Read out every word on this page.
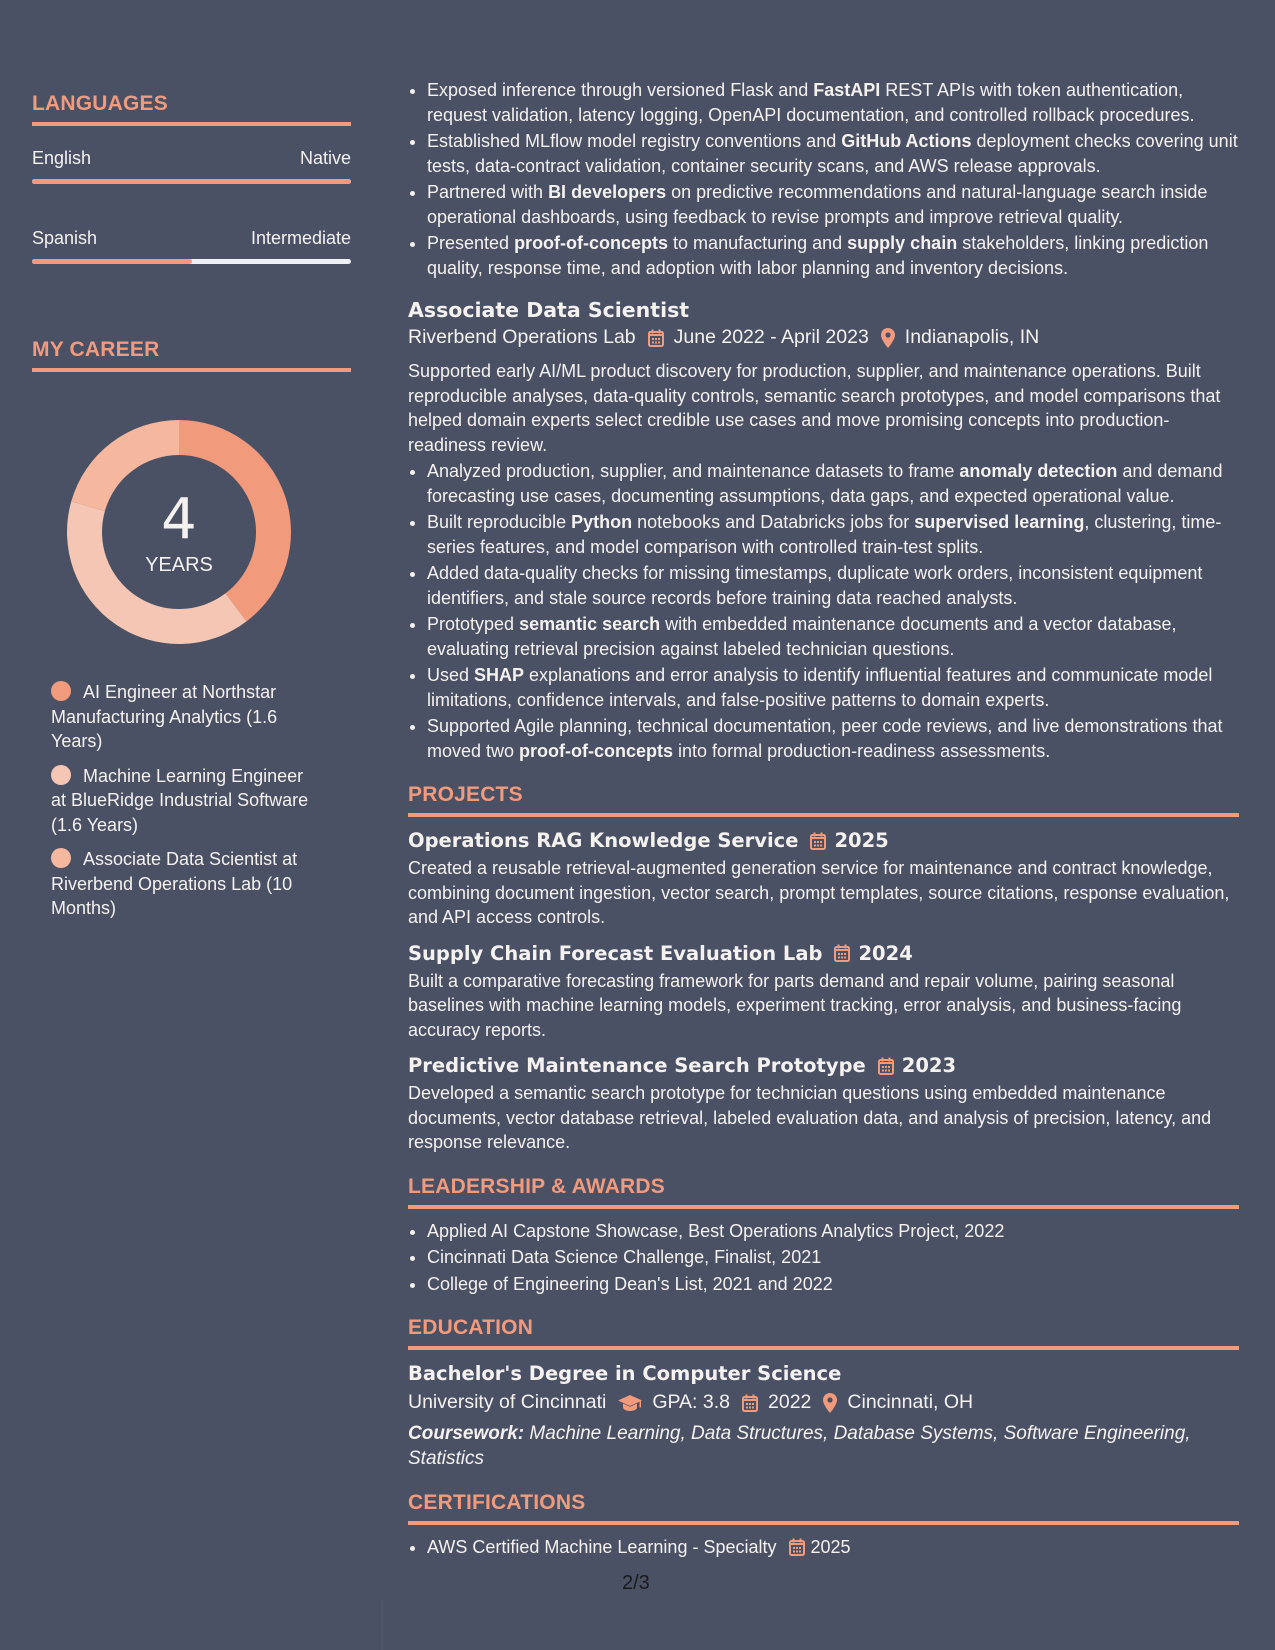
LANGUAGES
English	Native
Spanish	Intermediate
MY CAREER
4
YEARS
AI Engineer at Northstar Manufacturing Analytics (1.6 Years)
Machine Learning Engineer at BlueRidge Industrial Software (1.6 Years)
Associate Data Scientist at Riverbend Operations Lab (10 Months)
• Exposed inference through versioned Flask and FastAPI REST APIs with token authentication, request validation, latency logging, OpenAPI documentation, and controlled rollback procedures.
• Established MLflow model registry conventions and GitHub Actions deployment checks covering unit tests, data-contract validation, container security scans, and AWS release approvals.
• Partnered with BI developers on predictive recommendations and natural-language search inside operational dashboards, using feedback to revise prompts and improve retrieval quality.
• Presented proof-of-concepts to manufacturing and supply chain stakeholders, linking prediction quality, response time, and adoption with labor planning and inventory decisions.
Associate Data Scientist
Riverbend Operations Lab June 2022 - April 2023 Indianapolis, IN
Supported early AI/ML product discovery for production, supplier, and maintenance operations. Built reproducible analyses, data-quality controls, semantic search prototypes, and model comparisons that helped domain experts select credible use cases and move promising concepts into production-readiness review.
• Analyzed production, supplier, and maintenance datasets to frame anomaly detection and demand forecasting use cases, documenting assumptions, data gaps, and expected operational value.
• Built reproducible Python notebooks and Databricks jobs for supervised learning, clustering, time-series features, and model comparison with controlled train-test splits.
• Added data-quality checks for missing timestamps, duplicate work orders, inconsistent equipment identifiers, and stale source records before training data reached analysts.
• Prototyped semantic search with embedded maintenance documents and a vector database, evaluating retrieval precision against labeled technician questions.
• Used SHAP explanations and error analysis to identify influential features and communicate model limitations, confidence intervals, and false-positive patterns to domain experts.
• Supported Agile planning, technical documentation, peer code reviews, and live demonstrations that moved two proof-of-concepts into formal production-readiness assessments.
PROJECTS
Operations RAG Knowledge Service 2025
Created a reusable retrieval-augmented generation service for maintenance and contract knowledge, combining document ingestion, vector search, prompt templates, source citations, response evaluation, and API access controls.
Supply Chain Forecast Evaluation Lab 2024
Built a comparative forecasting framework for parts demand and repair volume, pairing seasonal baselines with machine learning models, experiment tracking, error analysis, and business-facing accuracy reports.
Predictive Maintenance Search Prototype 2023
Developed a semantic search prototype for technician questions using embedded maintenance documents, vector database retrieval, labeled evaluation data, and analysis of precision, latency, and response relevance.
LEADERSHIP & AWARDS
• Applied AI Capstone Showcase, Best Operations Analytics Project, 2022
• Cincinnati Data Science Challenge, Finalist, 2021
• College of Engineering Dean's List, 2021 and 2022
EDUCATION
Bachelor's Degree in Computer Science
University of Cincinnati GPA: 3.8 2022 Cincinnati, OH
Coursework: Machine Learning, Data Structures, Database Systems, Software Engineering, Statistics
CERTIFICATIONS
• AWS Certified Machine Learning - Specialty 2025
2/3
